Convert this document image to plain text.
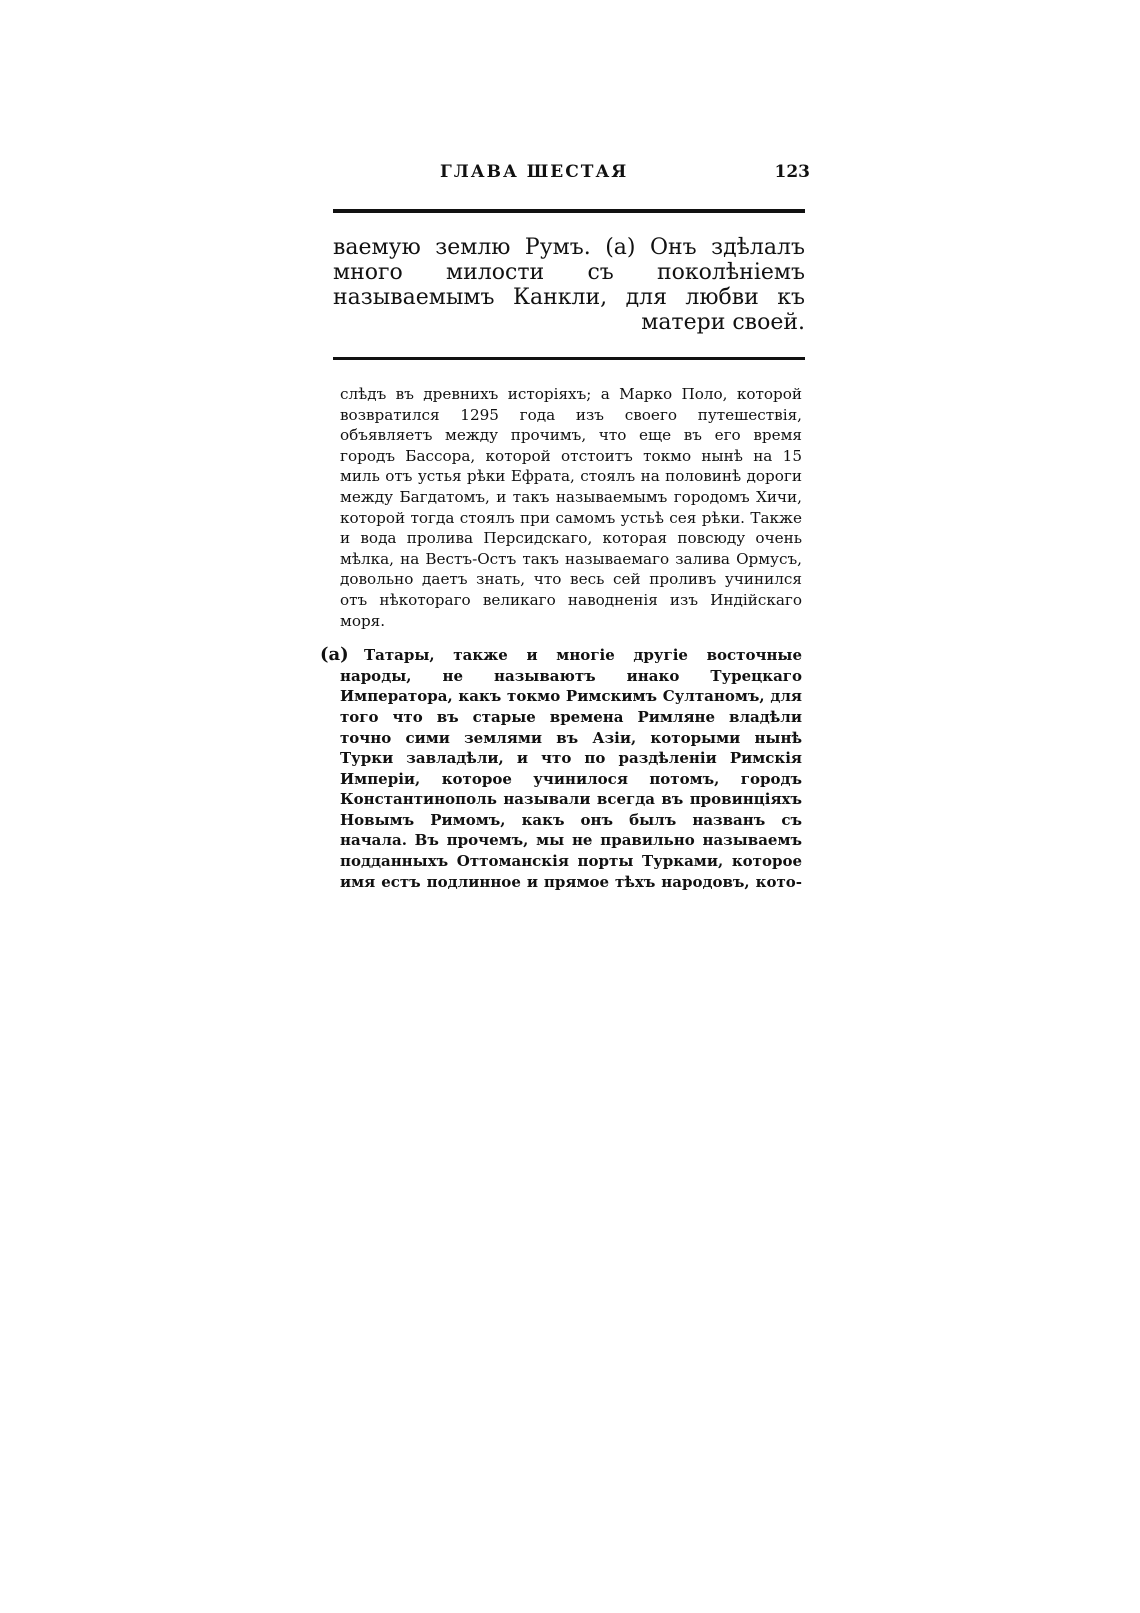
ГЛАВА ШЕСТАЯ	123
ваемую землю Румъ. (a) Онъ здѣлалъ много милости съ поколѣнiемъ называемымъ Канкли, для любви къ матери своей.

слѣдъ въ древнихъ исторiяхъ; а Марко Поло, которой возвратился 1295 года изъ своего путешествiя, объявляетъ между прочимъ, что еще въ его время городъ Бассора, которой отстоитъ токмо нынѣ на 15 миль отъ устья рѣки Ефрата, стоялъ на половинѣ дороги между Багдатомъ, и такъ называемымъ городомъ Хичи, которой тогда стоялъ при самомъ устьѣ сея рѣки. Также и вода пролива Персидскаго, которая повсюду очень мѣлка, на Вестъ-Остъ такъ называемаго залива Ормусъ, довольно даетъ знать, что весь сей проливъ учинился отъ нѣкотораго великаго наводненiя изъ Индiйскаго моря.

(a) Татары, также и многiе другiе восточные народы, не называютъ инако Турецкаго Императора, какъ токмо Римскимъ Султаномъ, для того что въ старые времена Римляне владѣли точно сими землями въ Азiи, которыми нынѣ Турки завладѣли, и что по раздѣленiи Римскiя Имперiи, которое учинилося потомъ, городъ Константинополь называли всегда въ провинцiяхъ Новымъ Римомъ, какъ онъ былъ названъ съ начала. Въ прочемъ, мы не правильно называемъ подданныхъ Оттоманскiя порты Турками, которое имя естъ подлинное и прямое тѣхъ народовъ, кото-
